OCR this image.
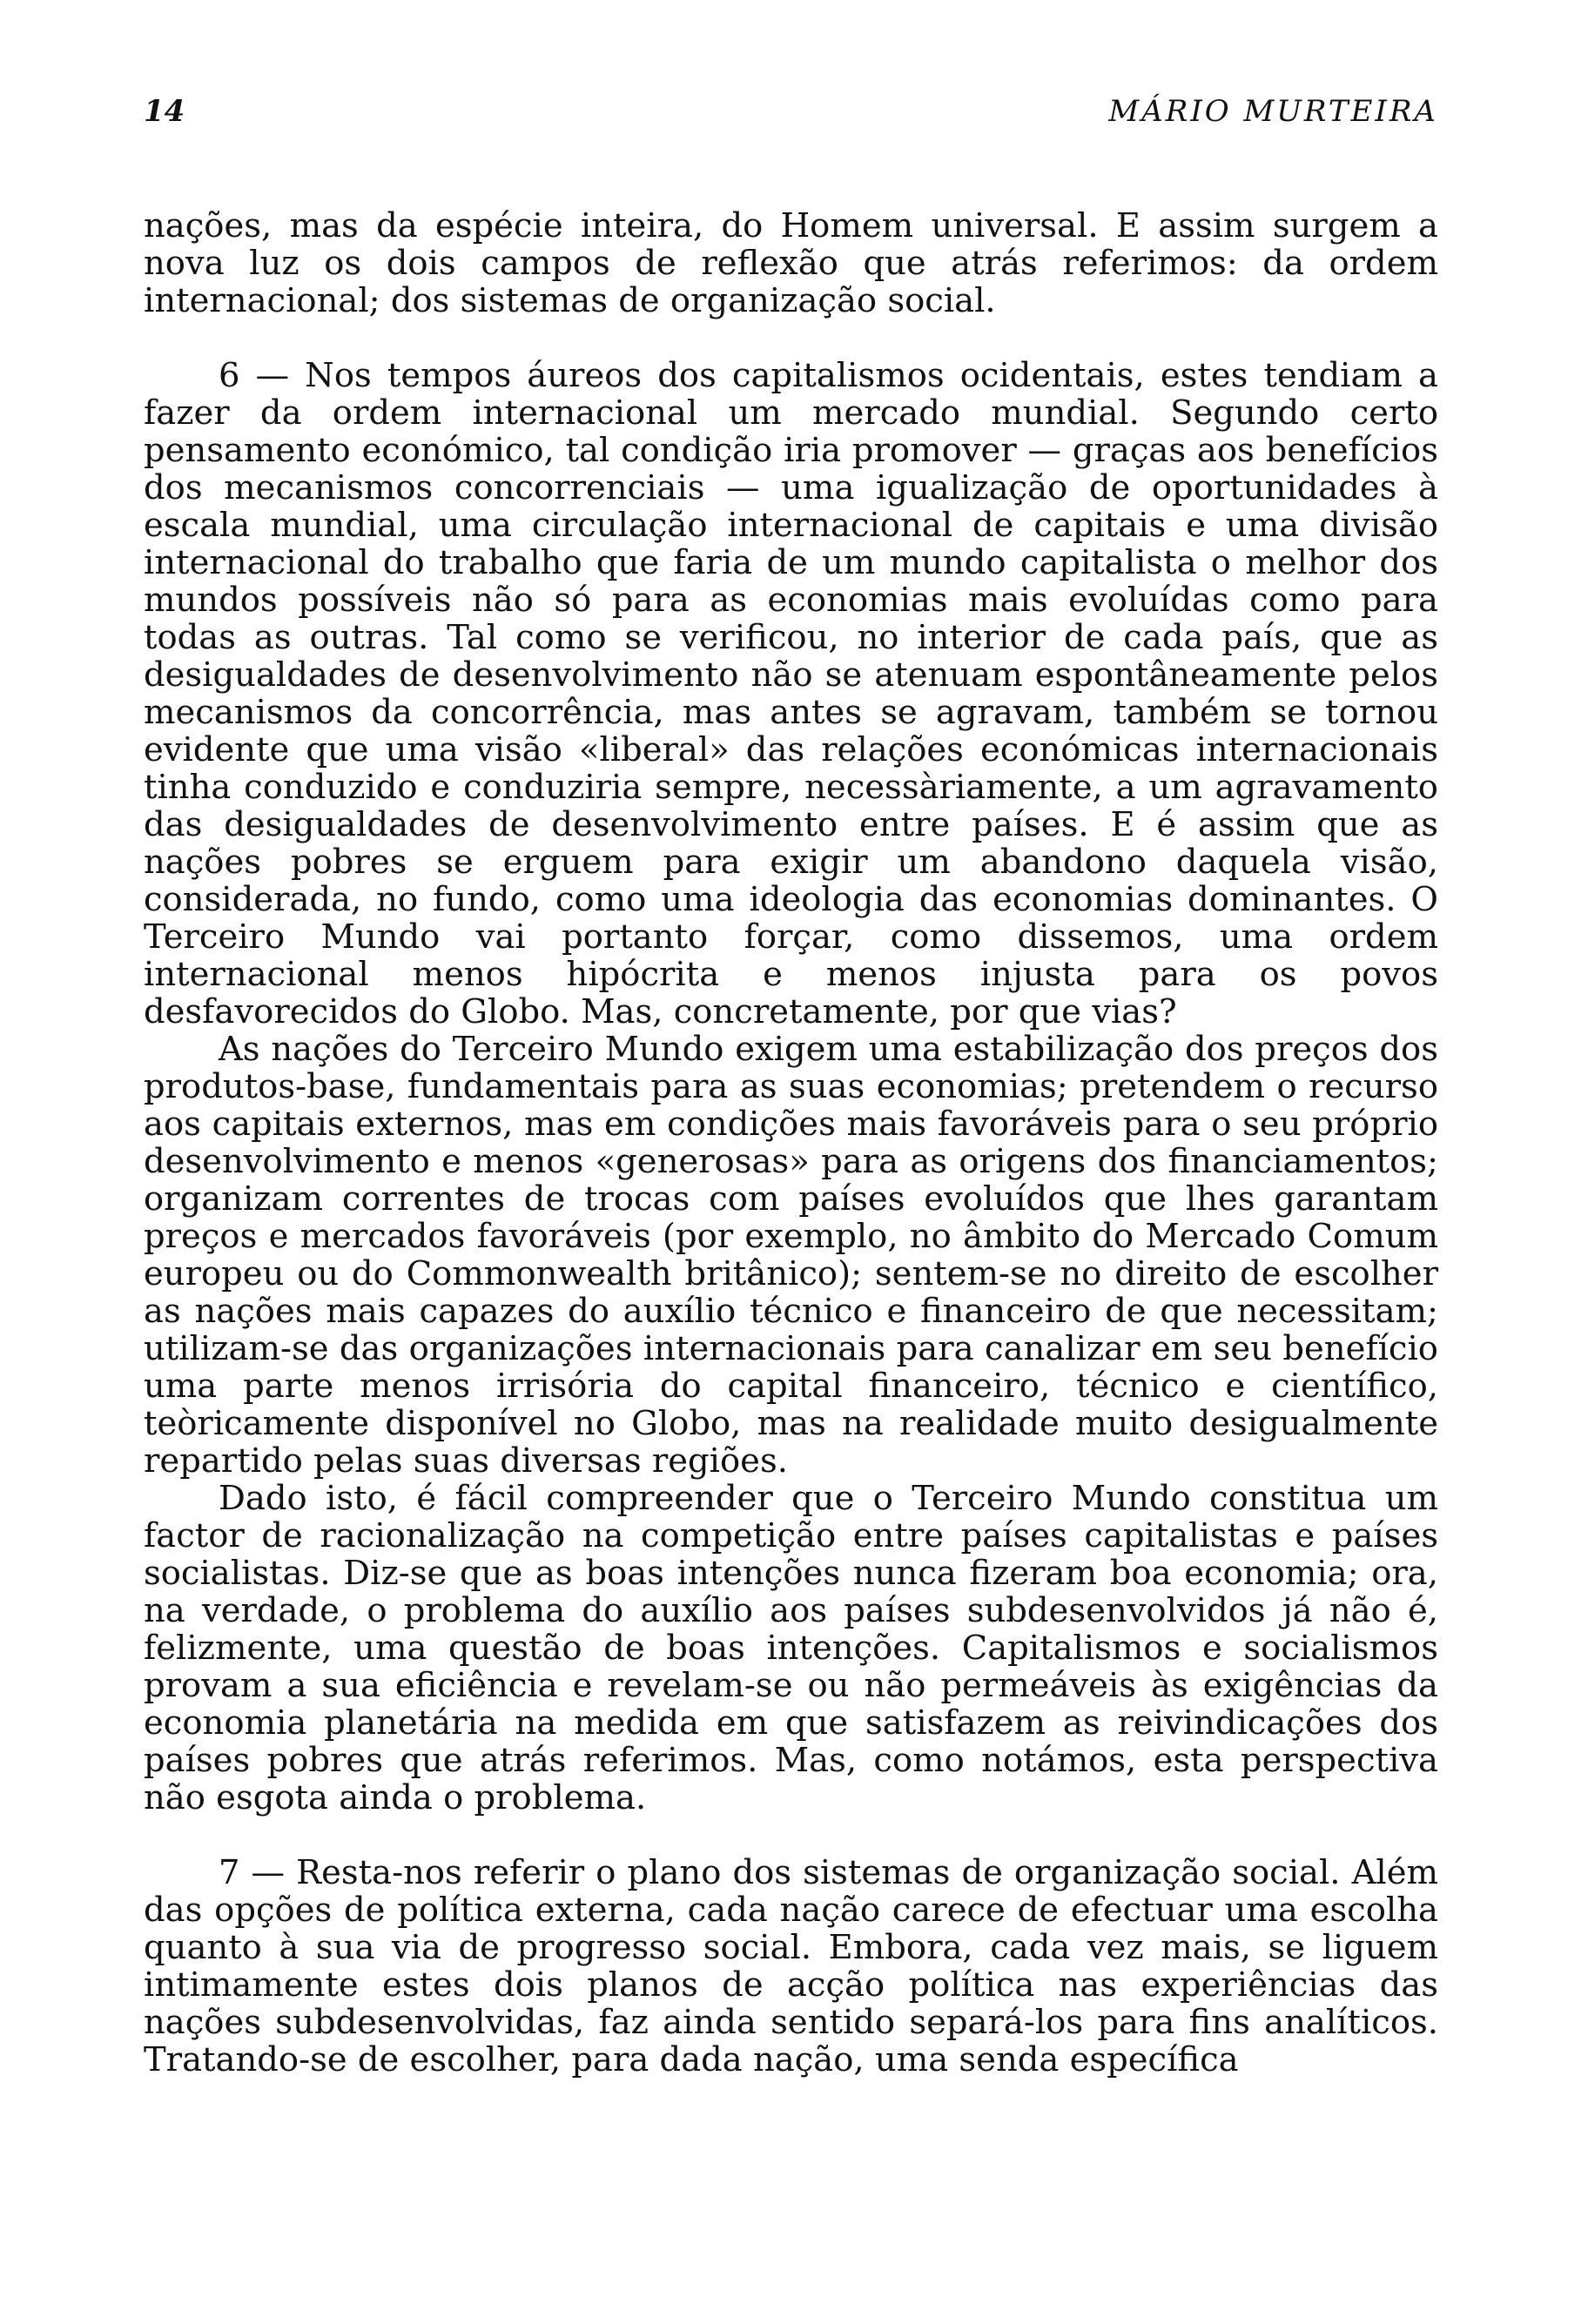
14	MÁRIO MURTEIRA

nações, mas da espécie inteira, do Homem universal. E assim surgem a nova luz os dois campos de reflexão que atrás referimos: da ordem internacional; dos sistemas de organização social.

6 — Nos tempos áureos dos capitalismos ocidentais, estes tendiam a fazer da ordem internacional um mercado mundial. Segundo certo pensamento económico, tal condição iria promover — graças aos benefícios dos mecanismos concorrenciais — uma igualização de oportunidades à escala mundial, uma circulação internacional de capitais e uma divisão internacional do trabalho que faria de um mundo capitalista o melhor dos mundos possíveis não só para as economias mais evoluídas como para todas as outras. Tal como se verificou, no interior de cada país, que as desigualdades de desenvolvimento não se atenuam espontâneamente pelos mecanismos da concorrência, mas antes se agravam, também se tornou evidente que uma visão «liberal» das relações económicas internacionais tinha conduzido e conduziria sempre, necessàriamente, a um agravamento das desigualdades de desenvolvimento entre países. E é assim que as nações pobres se erguem para exigir um abandono daquela visão, considerada, no fundo, como uma ideologia das economias dominantes. O Terceiro Mundo vai portanto forçar, como dissemos, uma ordem internacional menos hipócrita e menos injusta para os povos desfavorecidos do Globo. Mas, concretamente, por que vias?

As nações do Terceiro Mundo exigem uma estabilização dos preços dos produtos-base, fundamentais para as suas economias; pretendem o recurso aos capitais externos, mas em condições mais favoráveis para o seu próprio desenvolvimento e menos «generosas» para as origens dos financiamentos; organizam correntes de trocas com países evoluídos que lhes garantam preços e mercados favoráveis (por exemplo, no âmbito do Mercado Comum europeu ou do Commonwealth britânico); sentem-se no direito de escolher as nações mais capazes do auxílio técnico e financeiro de que necessitam; utilizam-se das organizações internacionais para canalizar em seu benefício uma parte menos irrisória do capital financeiro, técnico e científico, teòricamente disponível no Globo, mas na realidade muito desigualmente repartido pelas suas diversas regiões.

Dado isto, é fácil compreender que o Terceiro Mundo constitua um factor de racionalização na competição entre países capitalistas e países socialistas. Diz-se que as boas intenções nunca fizeram boa economia; ora, na verdade, o problema do auxílio aos países subdesenvolvidos já não é, felizmente, uma questão de boas intenções. Capitalismos e socialismos provam a sua eficiência e revelam-se ou não permeáveis às exigências da economia planetária na medida em que satisfazem as reivindicações dos países pobres que atrás referimos. Mas, como notámos, esta perspectiva não esgota ainda o problema.

7 — Resta-nos referir o plano dos sistemas de organização social. Além das opções de política externa, cada nação carece de efectuar uma escolha quanto à sua via de progresso social. Embora, cada vez mais, se liguem intimamente estes dois planos de acção política nas experiências das nações subdesenvolvidas, faz ainda sentido separá-los para fins analíticos. Tratando-se de escolher, para dada nação, uma senda específica
